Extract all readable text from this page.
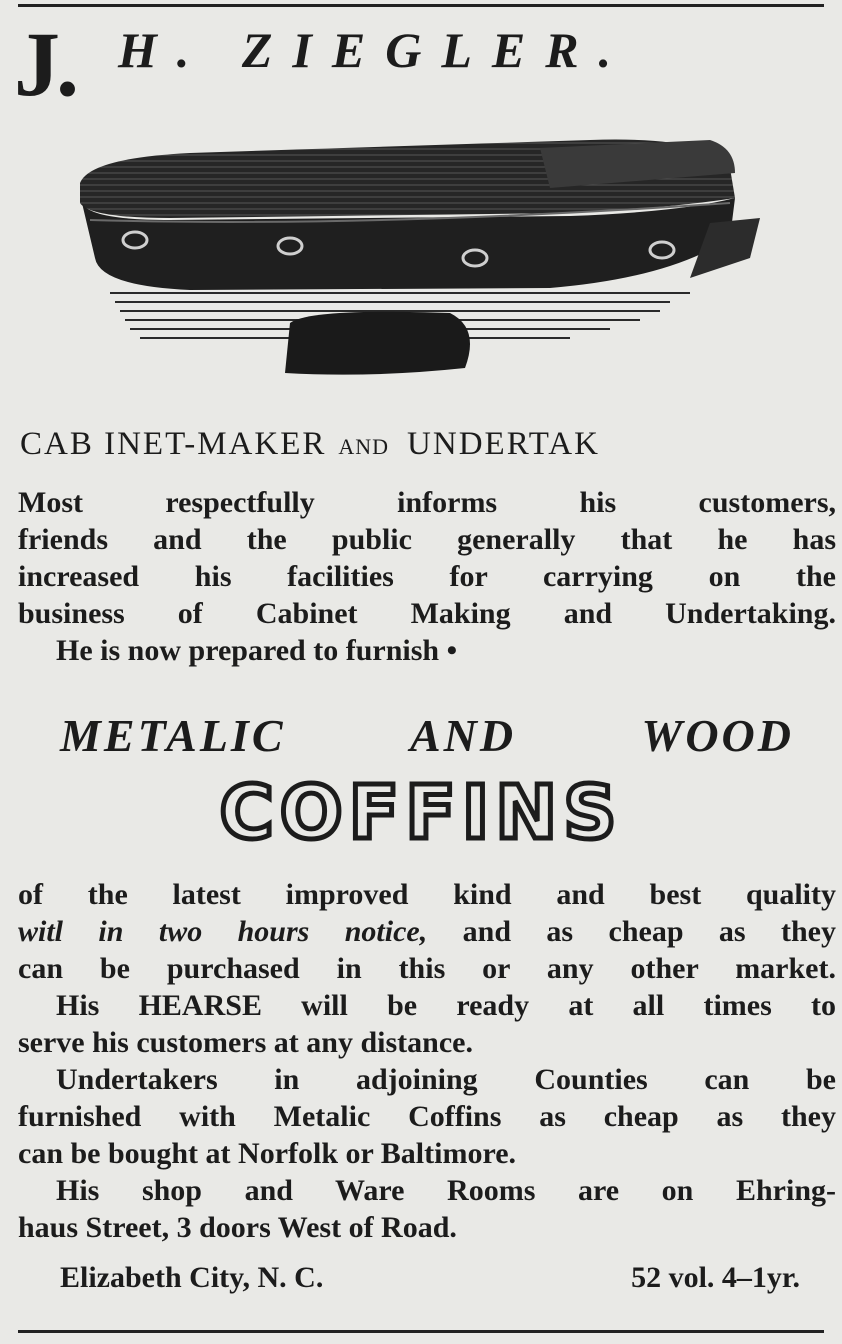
J. H. ZIEGLER.
CAB INET-MAKER AND UNDERTAK
Most respectfully informs his customers,
friends and the public generally that he has
increased his facilities for carrying on the
business of Cabinet Making and Undertaking.
He is now prepared to furnish •
METALIC AND WOOD
COFFINS
of the latest improved kind and best quality
witl in two hours notice, and as cheap as they
can be purchased in this or any other market.
His HEARSE will be ready at all times to
serve his customers at any distance.
Undertakers in adjoining Counties can be
furnished with Metalic Coffins as cheap as they
can be bought at Norfolk or Baltimore.
His shop and Ware Rooms are on Ehring-
haus Street, 3 doors West of Road.
Elizabeth City, N. C.	52 vol. 4–1yr.
